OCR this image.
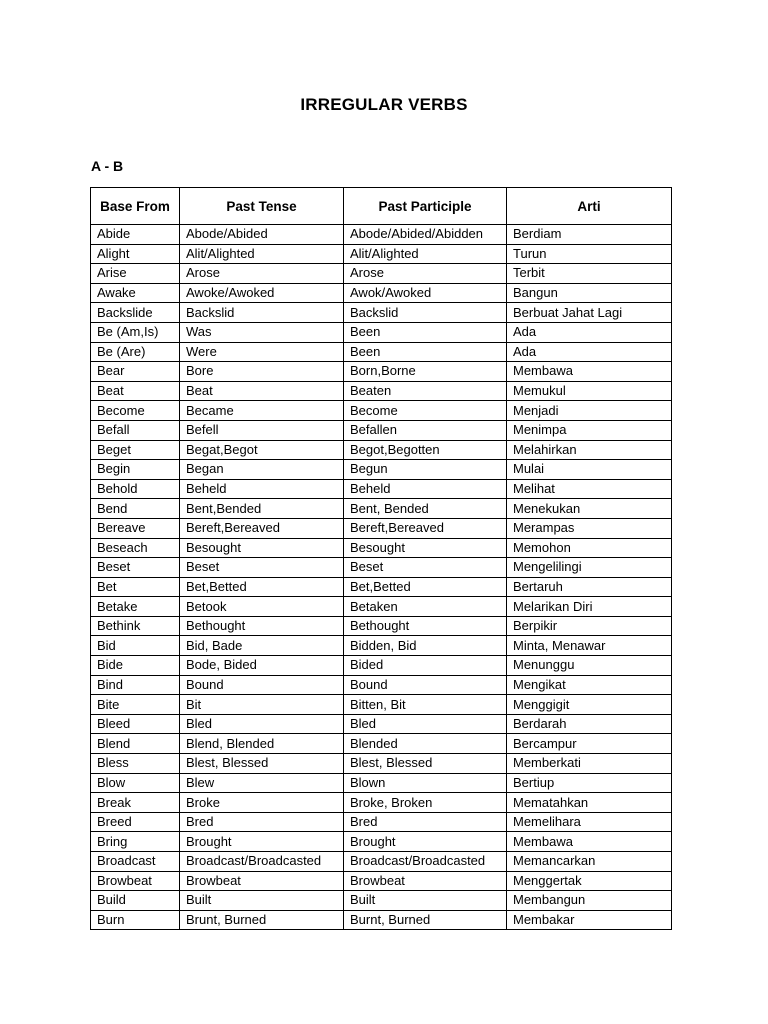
IRREGULAR VERBS
A - B
Base From	Past Tense	Past Participle	Arti
Abide	Abode/Abided	Abode/Abided/Abidden	Berdiam
Alight	Alit/Alighted	Alit/Alighted	Turun
Arise	Arose	Arose	Terbit
Awake	Awoke/Awoked	Awok/Awoked	Bangun
Backslide	Backslid	Backslid	Berbuat Jahat Lagi
Be (Am,Is)	Was	Been	Ada
Be (Are)	Were	Been	Ada
Bear	Bore	Born,Borne	Membawa
Beat	Beat	Beaten	Memukul
Become	Became	Become	Menjadi
Befall	Befell	Befallen	Menimpa
Beget	Begat,Begot	Begot,Begotten	Melahirkan
Begin	Began	Begun	Mulai
Behold	Beheld	Beheld	Melihat
Bend	Bent,Bended	Bent, Bended	Menekukan
Bereave	Bereft,Bereaved	Bereft,Bereaved	Merampas
Beseach	Besought	Besought	Memohon
Beset	Beset	Beset	Mengelilingi
Bet	Bet,Betted	Bet,Betted	Bertaruh
Betake	Betook	Betaken	Melarikan Diri
Bethink	Bethought	Bethought	Berpikir
Bid	Bid, Bade	Bidden, Bid	Minta, Menawar
Bide	Bode, Bided	Bided	Menunggu
Bind	Bound	Bound	Mengikat
Bite	Bit	Bitten, Bit	Menggigit
Bleed	Bled	Bled	Berdarah
Blend	Blend, Blended	Blended	Bercampur
Bless	Blest, Blessed	Blest, Blessed	Memberkati
Blow	Blew	Blown	Bertiup
Break	Broke	Broke, Broken	Mematahkan
Breed	Bred	Bred	Memelihara
Bring	Brought	Brought	Membawa
Broadcast	Broadcast/Broadcasted	Broadcast/Broadcasted	Memancarkan
Browbeat	Browbeat	Browbeat	Menggertak
Build	Built	Built	Membangun
Burn	Brunt, Burned	Burnt, Burned	Membakar
